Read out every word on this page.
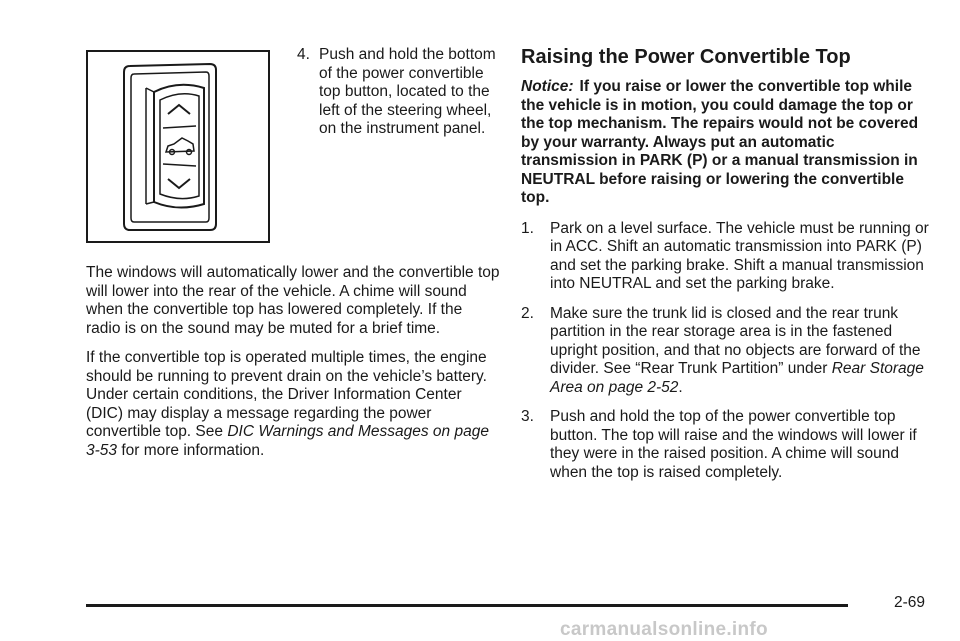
4. Push and hold the bottom of the power convertible top button, located to the left of the steering wheel, on the instrument panel.

The windows will automatically lower and the convertible top will lower into the rear of the vehicle. A chime will sound when the convertible top has lowered completely. If the radio is on the sound may be muted for a brief time.

If the convertible top is operated multiple times, the engine should be running to prevent drain on the vehicle’s battery. Under certain conditions, the Driver Information Center (DIC) may display a message regarding the power convertible top. See DIC Warnings and Messages on page 3-53 for more information.

Raising the Power Convertible Top

Notice: If you raise or lower the convertible top while the vehicle is in motion, you could damage the top or the top mechanism. The repairs would not be covered by your warranty. Always put an automatic transmission in PARK (P) or a manual transmission in NEUTRAL before raising or lowering the convertible top.

1.	Park on a level surface. The vehicle must be running or in ACC. Shift an automatic transmission into PARK (P) and set the parking brake. Shift a manual transmission into NEUTRAL and set the parking brake.
2.	Make sure the trunk lid is closed and the rear trunk partition in the rear storage area is in the fastened upright position, and that no objects are forward of the divider. See “Rear Trunk Partition” under Rear Storage Area on page 2-52.
3.	Push and hold the top of the power convertible top button. The top will raise and the windows will lower if they were in the raised position. A chime will sound when the top is raised completely.
2-69
carmanualsonline.info
